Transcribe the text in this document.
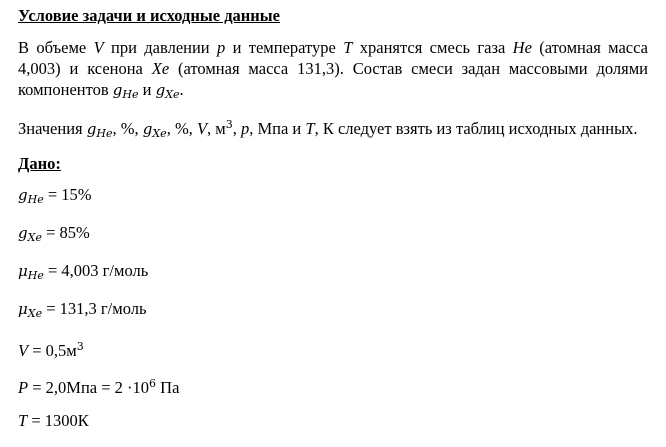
Условие задачи и исходные данные

В объеме V при давлении p и температуре T хранятся смесь газа He (атомная масса 4,003) и ксенона Xe (атомная масса 131,3). Состав смеси задан массовыми долями компонентов $g_{He}$ и $g_{Xe}$.

Значения $g_{He}$, %, $g_{Xe}$, %, V, $м^3$, p, Мпа и T, К следует взять из таблиц исходных данных.

Дано:
$g_{He} = 15\%$
$g_{Xe} = 85\%$
$\mu_{He} = 4,003$ г/моль
$\mu_{Xe} = 131,3$ г/моль
$V = 0,5м^3$
$P = 2,0Мпа = 2 \cdot 10^6$ Па
T = 1300К
